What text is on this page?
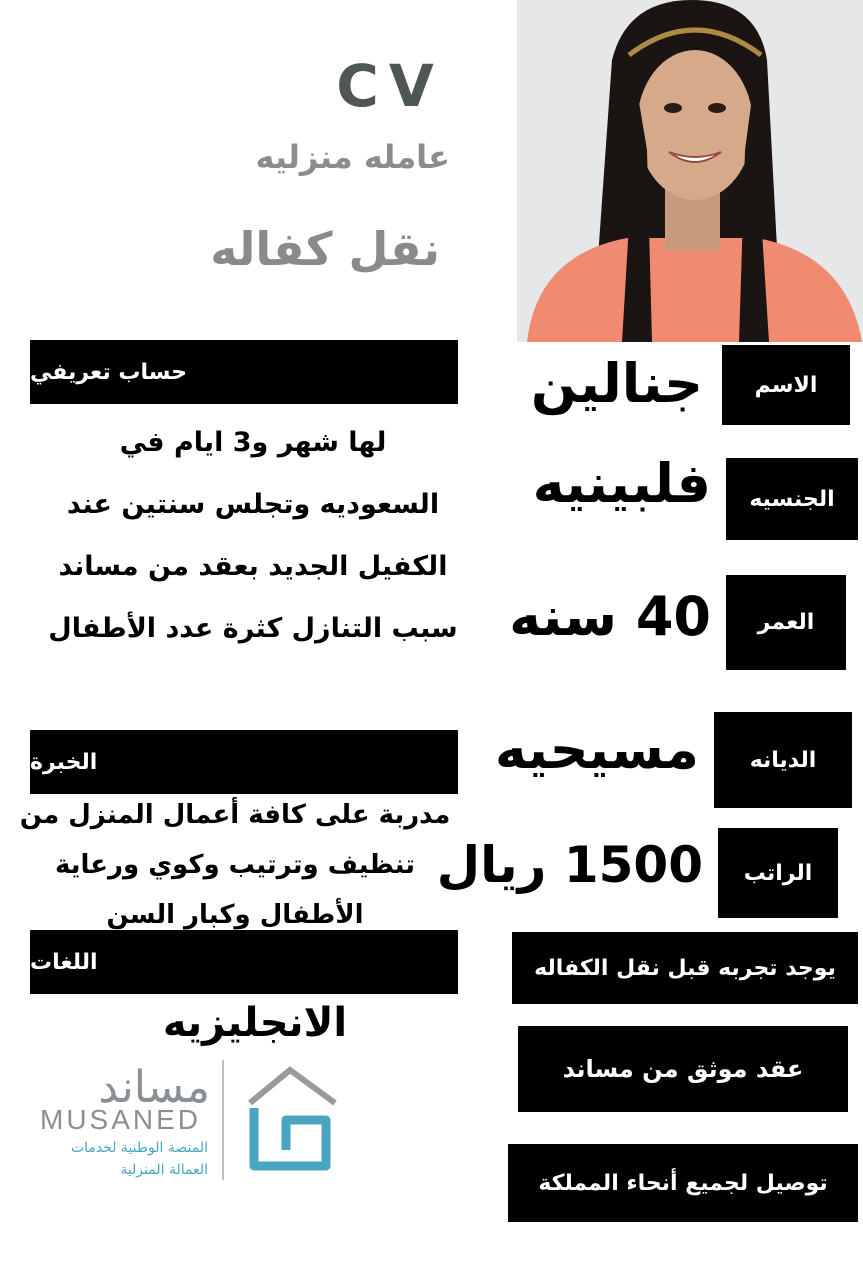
CV
عامله منزليه
نقل كفاله
حساب تعريفي
لها شهر و3 ايام في
السعوديه وتجلس سنتين عند
الكفيل الجديد بعقد من مساند
سبب التنازل كثرة عدد الأطفال
الخبرة
مدربة على كافة أعمال المنزل من
تنظيف وترتيب وكوي ورعاية
الأطفال وكبار السن
اللغات
الانجليزيه
الاسم
الجنسيه
العمر
الديانه
الراتب
جنالين
فلبينيه
40 سنه
مسيحيه
1500 ريال
يوجد تجربه قبل نقل الكفاله
عقد موثق من مساند
توصيل لجميع أنحاء المملكة
مساند
MUSANED
المنصة الوطنية لخدمات
العمالة المنزلية
